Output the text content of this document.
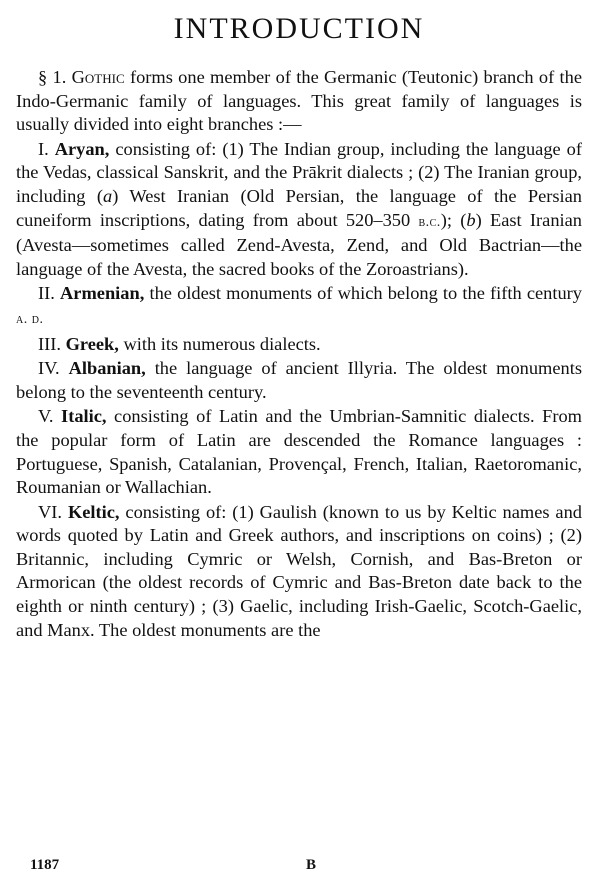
INTRODUCTION

§ 1. Gothic forms one member of the Germanic (Teutonic) branch of the Indo-Germanic family of languages. This great family of languages is usually divided into eight branches :—

I. Aryan, consisting of: (1) The Indian group, including the language of the Vedas, classical Sanskrit, and the Prākrit dialects ; (2) The Iranian group, including (a) West Iranian (Old Persian, the language of the Persian cuneiform inscriptions, dating from about 520–350 b.c.); (b) East Iranian (Avesta—sometimes called Zend-Avesta, Zend, and Old Bactrian—the language of the Avesta, the sacred books of the Zoroastrians).

II. Armenian, the oldest monuments of which belong to the fifth century a. d.

III. Greek, with its numerous dialects.

IV. Albanian, the language of ancient Illyria. The oldest monuments belong to the seventeenth century.

V. Italic, consisting of Latin and the Umbrian-Samnitic dialects. From the popular form of Latin are descended the Romance languages : Portuguese, Spanish, Catalanian, Provençal, French, Italian, Raetoromanic, Roumanian or Wallachian.

VI. Keltic, consisting of: (1) Gaulish (known to us by Keltic names and words quoted by Latin and Greek authors, and inscriptions on coins) ; (2) Britannic, including Cymric or Welsh, Cornish, and Bas-Breton or Armorican (the oldest records of Cymric and Bas-Breton date back to the eighth or ninth century) ; (3) Gaelic, including Irish-Gaelic, Scotch-Gaelic, and Manx. The oldest monuments are the

1187	B
